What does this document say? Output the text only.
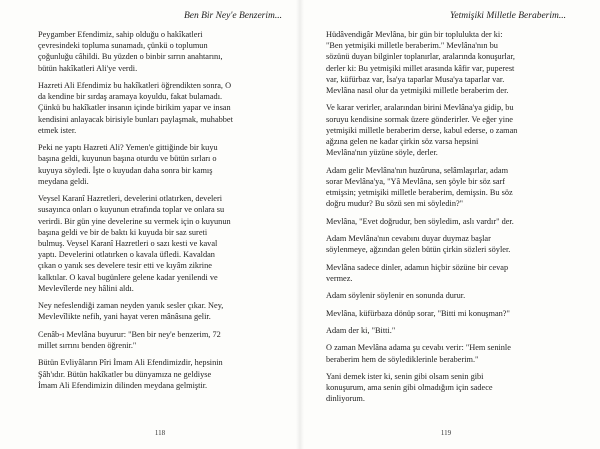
Ben Bir Ney'e Benzerim...
Peygamber Efendimiz, sahip olduğu o hakîkatleri
çevresindeki topluma sunamadı, çünkü o toplumun
çoğunluğu câhildi. Bu yüzden o binbir sırrın anahtarını,
bütün hakîkatleri Ali'ye verdi.
Hazreti Ali Efendimiz bu hakîkatleri öğrendikten sonra, O
da kendine bir sırdaş aramaya koyuldu, fakat bulamadı.
Çünkü bu hakîkatler insanın içinde birikim yapar ve insan
kendisini anlayacak birisiyle bunları paylaşmak, muhabbet
etmek ister.
Peki ne yaptı Hazreti Ali? Yemen'e gittiğinde bir kuyu
başına geldi, kuyunun başına oturdu ve bütün sırları o
kuyuya söyledi. İşte o kuyudan daha sonra bir kamış
meydana geldi.
Veysel Karanî Hazretleri, develerini otlatırken, develeri
susayınca onları o kuyunun etrafında toplar ve onlara su
verirdi. Bir gün yine develerine su vermek için o kuyunun
başına geldi ve bir de baktı ki kuyuda bir saz sureti
bulmuş. Veysel Karanî Hazretleri o sazı kesti ve kaval
yaptı. Develerini otlatırken o kavala üfledi. Kavaldan
çıkan o yanık ses develere tesir etti ve kıyâm zikrine
kalktılar. O kaval bugünlere gelene kadar yenilendi ve
Mevlevîlerde ney hâlini aldı.
Ney nefeslendiği zaman neyden yanık sesler çıkar. Ney,
Mevlevîlikte nefih, yani hayat veren mânâsına gelir.
Cenâb-ı Mevlâna buyurur: "Ben bir ney'e benzerim, 72
millet sırrını benden öğrenir."
Bütün Evliyâların Pîri İmam Ali Efendimizdir, hepsinin
Şâh'ıdır. Bütün hakîkatler bu dünyamıza ne geldiyse
İmam Ali Efendimizin dilinden meydana gelmiştir.
118
Yetmişiki Milletle Beraberim...
Hüdâvendigâr Mevlâna, bir gün bir toplulukta der ki:
"Ben yetmişiki milletle beraberim." Mevlâna'nın bu
sözünü duyan bilginler toplanırlar, aralarında konuşurlar,
derler ki: Bu yetmişiki millet arasında kâfir var, puperest
var, küfürbaz var, İsa'ya taparlar Musa'ya taparlar var.
Mevlâna nasıl olur da yetmişiki milletle beraberim der.
Ve karar verirler, aralarından birini Mevlâna'ya gidip, bu
soruyu kendisine sormak üzere gönderirler. Ve eğer yine
yetmişiki milletle beraberim derse, kabul ederse, o zaman
ağzına gelen ne kadar çirkin söz varsa hepsini
Mevlâna'nın yüzüne söyle, derler.
Adam gelir Mevlâna'nın huzûruna, selâmlaşırlar, adam
sorar Mevlâna'ya, "Yâ Mevlâna, sen şöyle bir söz sarf
etmişsin; yetmişiki milletle beraberim, demişsin. Bu söz
doğru mudur? Bu sözü sen mi söyledin?"
Mevlâna, "Evet doğrudur, ben söyledim, aslı vardır" der.
Adam Mevlâna'nın cevabını duyar duymaz başlar
söylenmeye, ağzından gelen bütün çirkin sözleri söyler.
Mevlâna sadece dinler, adamın hiçbir sözüne bir cevap
vermez.
Adam söylenir söylenir en sonunda durur.
Mevlâna, küfürbaza dönüp sorar, "Bitti mi konuşman?"
Adam der ki, "Bitti."
O zaman Mevlâna adama şu cevabı verir: "Hem seninle
beraberim hem de söylediklerinle beraberim."
Yani demek ister ki, senin gibi olsam senin gibi
konuşurum, ama senin gibi olmadığım için sadece
dinliyorum.
119
